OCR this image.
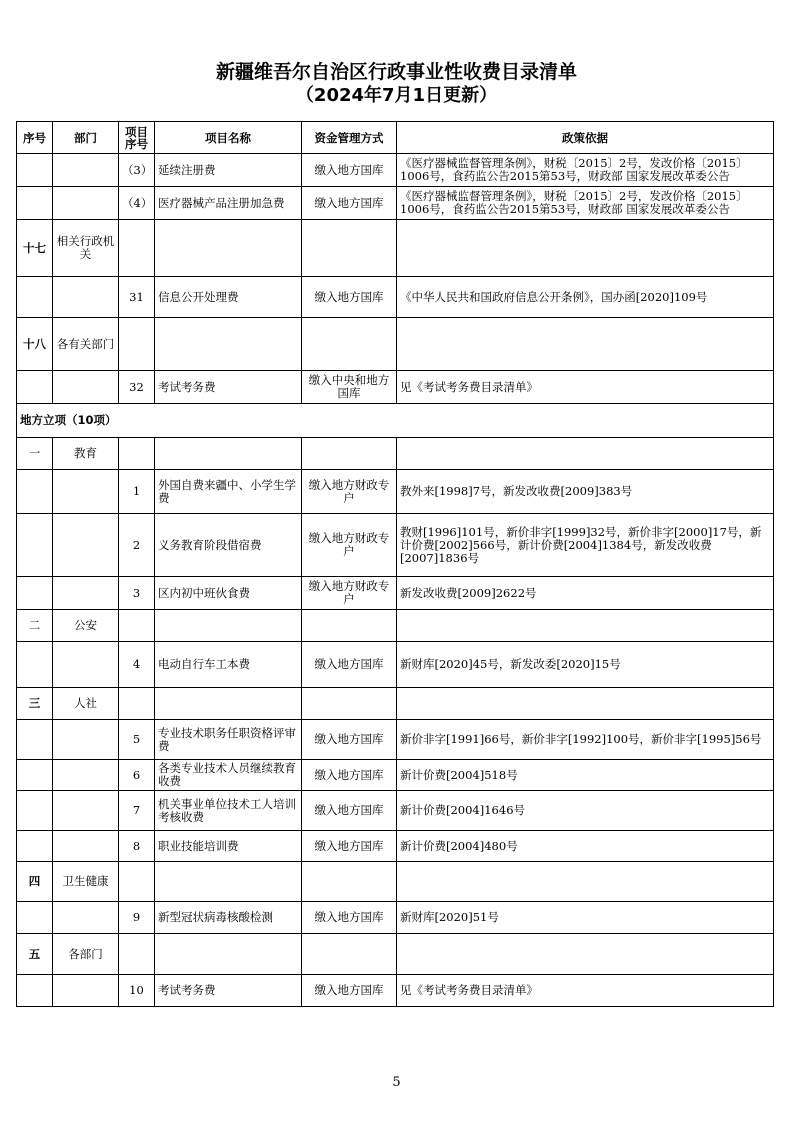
新疆维吾尔自治区行政事业性收费目录清单
（2024年7月1日更新）
序号	部门	项目序号	项目名称	资金管理方式	政策依据
		（3）	延续注册费	缴入地方国库	《医疗器械监督管理条例》，财税〔2015〕2号，发改价格〔2015〕1006号，食药监公告2015第53号，财政部 国家发展改革委公告
		（4）	医疗器械产品注册加急费	缴入地方国库	《医疗器械监督管理条例》，财税〔2015〕2号，发改价格〔2015〕1006号，食药监公告2015第53号，财政部 国家发展改革委公告
十七	相关行政机关				
		31	信息公开处理费	缴入地方国库	《中华人民共和国政府信息公开条例》，国办函[2020]109号
十八	各有关部门				
		32	考试考务费	缴入中央和地方国库	见《考试考务费目录清单》
地方立项（10项）					
一	教育				
		1	外国自费来疆中、小学生学费	缴入地方财政专户	教外来[1998]7号，新发改收费[2009]383号
		2	义务教育阶段借宿费	缴入地方财政专户	教财[1996]101号，新价非字[1999]32号，新价非字[2000]17号，新计价费[2002]566号，新计价费[2004]1384号，新发改收费[2007]1836号
		3	区内初中班伙食费	缴入地方财政专户	新发改收费[2009]2622号
二	公安				
		4	电动自行车工本费	缴入地方国库	新财库[2020]45号，新发改委[2020]15号
三	人社				
		5	专业技术职务任职资格评审费	缴入地方国库	新价非字[1991]66号，新价非字[1992]100号，新价非字[1995]56号
		6	各类专业技术人员继续教育收费	缴入地方国库	新计价费[2004]518号
		7	机关事业单位技术工人培训考核收费	缴入地方国库	新计价费[2004]1646号
		8	职业技能培训费	缴入地方国库	新计价费[2004]480号
四	卫生健康				
		9	新型冠状病毒核酸检测	缴入地方国库	新财库[2020]51号
五	各部门				
		10	考试考务费	缴入地方国库	见《考试考务费目录清单》
5
